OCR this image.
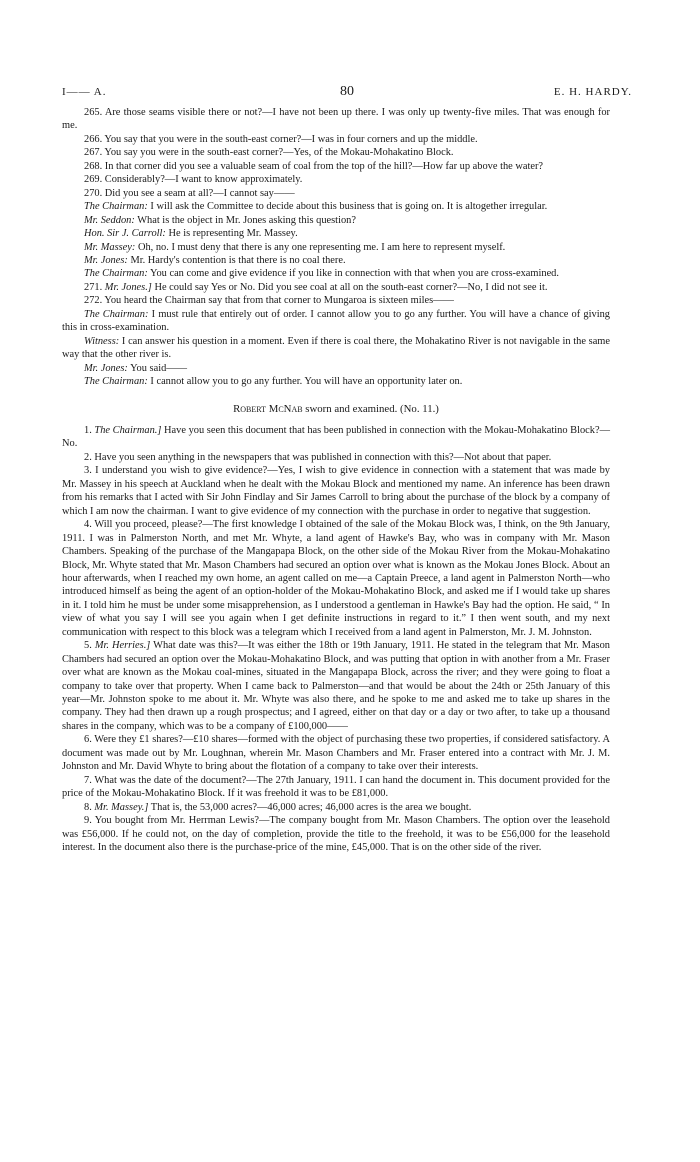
I—— A.	80	E. H. HARDY.

265. Are those seams visible there or not?—I have not been up there. I was only up twenty-five miles. That was enough for me.

266. You say that you were in the south-east corner?—I was in four corners and up the middle.

267. You say you were in the south-east corner?—Yes, of the Mokau-Mohakatino Block.

268. In that corner did you see a valuable seam of coal from the top of the hill?—How far up above the water?

269. Considerably?—I want to know approximately.

270. Did you see a seam at all?—I cannot say——

The Chairman: I will ask the Committee to decide about this business that is going on. It is altogether irregular.

Mr. Seddon: What is the object in Mr. Jones asking this question?

Hon. Sir J. Carroll: He is representing Mr. Massey.

Mr. Massey: Oh, no. I must deny that there is any one representing me. I am here to represent myself.

Mr. Jones: Mr. Hardy's contention is that there is no coal there.

The Chairman: You can come and give evidence if you like in connection with that when you are cross-examined.

271. Mr. Jones.] He could say Yes or No. Did you see coal at all on the south-east corner?—No, I did not see it.

272. You heard the Chairman say that from that corner to Mungaroa is sixteen miles——

The Chairman: I must rule that entirely out of order. I cannot allow you to go any further. You will have a chance of giving this in cross-examination.

Witness: I can answer his question in a moment. Even if there is coal there, the Mohakatino River is not navigable in the same way that the other river is.

Mr. Jones: You said——

The Chairman: I cannot allow you to go any further. You will have an opportunity later on.

Robert McNab sworn and examined. (No. 11.)

1. The Chairman.] Have you seen this document that has been published in connection with the Mokau-Mohakatino Block?—No.

2. Have you seen anything in the newspapers that was published in connection with this?—Not about that paper.

3. I understand you wish to give evidence?—Yes, I wish to give evidence in connection with a statement that was made by Mr. Massey in his speech at Auckland when he dealt with the Mokau Block and mentioned my name. An inference has been drawn from his remarks that I acted with Sir John Findlay and Sir James Carroll to bring about the purchase of the block by a company of which I am now the chairman. I want to give evidence of my connection with the purchase in order to negative that suggestion.

4. Will you proceed, please?—The first knowledge I obtained of the sale of the Mokau Block was, I think, on the 9th January, 1911. I was in Palmerston North, and met Mr. Whyte, a land agent of Hawke's Bay, who was in company with Mr. Mason Chambers. Speaking of the purchase of the Mangapapa Block, on the other side of the Mokau River from the Mokau-Mohakatino Block, Mr. Whyte stated that Mr. Mason Chambers had secured an option over what is known as the Mokau Jones Block. About an hour afterwards, when I reached my own home, an agent called on me—a Captain Preece, a land agent in Palmerston North—who introduced himself as being the agent of an option-holder of the Mokau-Mohakatino Block, and asked me if I would take up shares in it. I told him he must be under some misapprehension, as I understood a gentleman in Hawke's Bay had the option. He said, “ In view of what you say I will see you again when I get definite instructions in regard to it.” I then went south, and my next communication with respect to this block was a telegram which I received from a land agent in Palmerston, Mr. J. M. Johnston.

5. Mr. Herries.] What date was this?—It was either the 18th or 19th January, 1911. He stated in the telegram that Mr. Mason Chambers had secured an option over the Mokau-Mohakatino Block, and was putting that option in with another from a Mr. Fraser over what are known as the Mokau coal-mines, situated in the Mangapapa Block, across the river; and they were going to float a company to take over that property. When I came back to Palmerston—and that would be about the 24th or 25th January of this year—Mr. Johnston spoke to me about it. Mr. Whyte was also there, and he spoke to me and asked me to take up shares in the company. They had then drawn up a rough prospectus; and I agreed, either on that day or a day or two after, to take up a thousand shares in the company, which was to be a company of £100,000——

6. Were they £1 shares?—£10 shares—formed with the object of purchasing these two properties, if considered satisfactory. A document was made out by Mr. Loughnan, wherein Mr. Mason Chambers and Mr. Fraser entered into a contract with Mr. J. M. Johnston and Mr. David Whyte to bring about the flotation of a company to take over their interests.

7. What was the date of the document?—The 27th January, 1911. I can hand the document in. This document provided for the price of the Mokau-Mohakatino Block. If it was freehold it was to be £81,000.

8. Mr. Massey.] That is, the 53,000 acres?—46,000 acres; 46,000 acres is the area we bought.

9. You bought from Mr. Herrman Lewis?—The company bought from Mr. Mason Chambers. The option over the leasehold was £56,000. If he could not, on the day of completion, provide the title to the freehold, it was to be £56,000 for the leasehold interest. In the document also there is the purchase-price of the mine, £45,000. That is on the other side of the river.
